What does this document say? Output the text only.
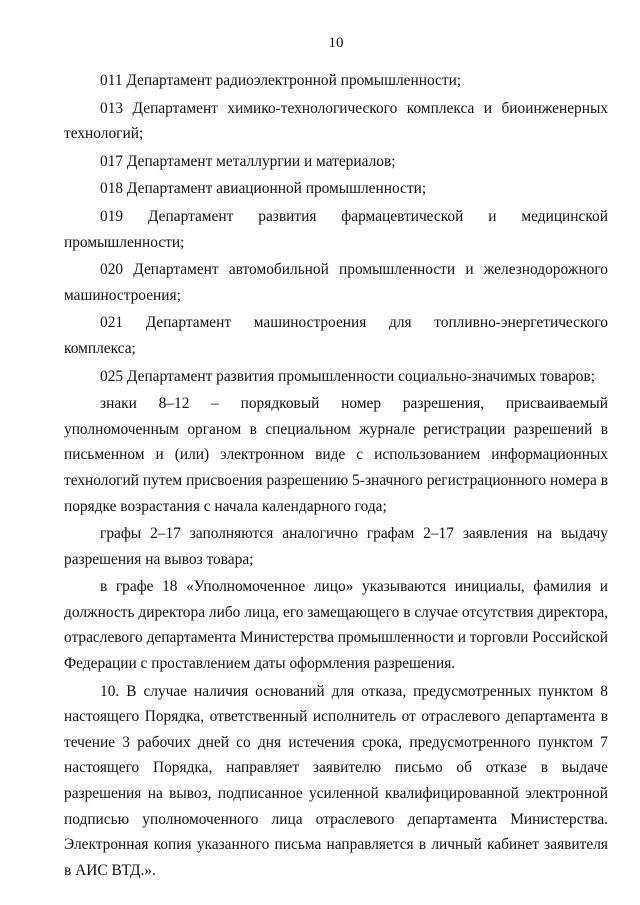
10

011 Департамент радиоэлектронной промышленности;

013 Департамент химико-технологического комплекса и биоинженерных технологий;

017 Департамент металлургии и материалов;

018 Департамент авиационной промышленности;

019 Департамент развития фармацевтической и медицинской промышленности;

020 Департамент автомобильной промышленности и железнодорожного машиностроения;

021 Департамент машиностроения для топливно-энергетического комплекса;

025 Департамент развития промышленности социально-значимых товаров;

знаки 8–12 – порядковый номер разрешения, присваиваемый уполномоченным органом в специальном журнале регистрации разрешений в письменном и (или) электронном виде с использованием информационных технологий путем присвоения разрешению 5-значного регистрационного номера в порядке возрастания с начала календарного года;

графы 2–17 заполняются аналогично графам 2–17 заявления на выдачу разрешения на вывоз товара;

в графе 18 «Уполномоченное лицо» указываются инициалы, фамилия и должность директора либо лица, его замещающего в случае отсутствия директора, отраслевого департамента Министерства промышленности и торговли Российской Федерации с проставлением даты оформления разрешения.

10. В случае наличия оснований для отказа, предусмотренных пунктом 8 настоящего Порядка, ответственный исполнитель от отраслевого департамента в течение 3 рабочих дней со дня истечения срока, предусмотренного пунктом 7 настоящего Порядка, направляет заявителю письмо об отказе в выдаче разрешения на вывоз, подписанное усиленной квалифицированной электронной подписью уполномоченного лица отраслевого департамента Министерства. Электронная копия указанного письма направляется в личный кабинет заявителя в АИС ВТД.».
